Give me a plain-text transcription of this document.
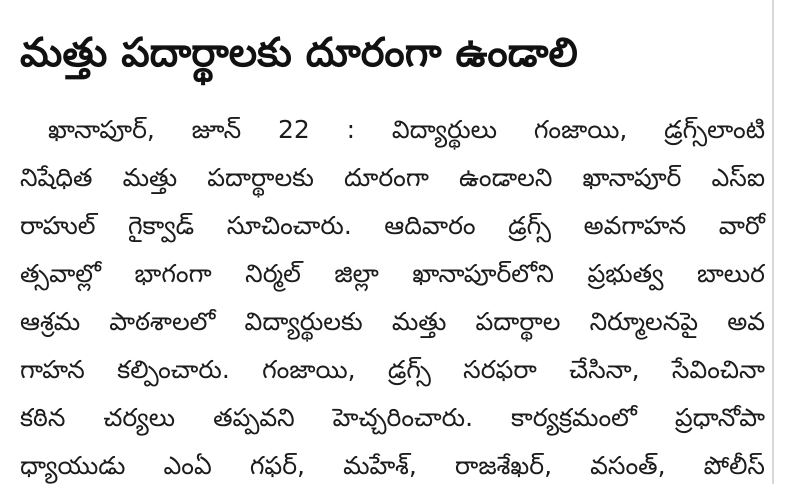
మత్తు పదార్థాలకు దూరంగా ఉండాలి
ఖానాపూర్, జూన్ 22 : విద్యార్థులు గంజాయి, డ్రగ్స్‌లాంటి
నిషేధిత మత్తు పదార్థాలకు దూరంగా ఉండాలని ఖానాపూర్ ఎస్ఐ
రాహుల్ గైక్వాడ్ సూచించారు. ఆదివారం డ్రగ్స్ అవగాహన వారో
త్సవాల్లో భాగంగా నిర్మల్ జిల్లా ఖానాపూర్‌లోని ప్రభుత్వ బాలుర
ఆశ్రమ పాఠశాలలో విద్యార్థులకు మత్తు పదార్థాల నిర్మూలనపై అవ
గాహన కల్పించారు. గంజాయి, డ్రగ్స్ సరఫరా చేసినా, సేవించినా
కఠిన చర్యలు తప్పవని హెచ్చరించారు. కార్యక్రమంలో ప్రధానోపా
ధ్యాయుడు ఎంఏ గఫర్, మహేశ్, రాజశేఖర్, వసంత్, పోలీస్
